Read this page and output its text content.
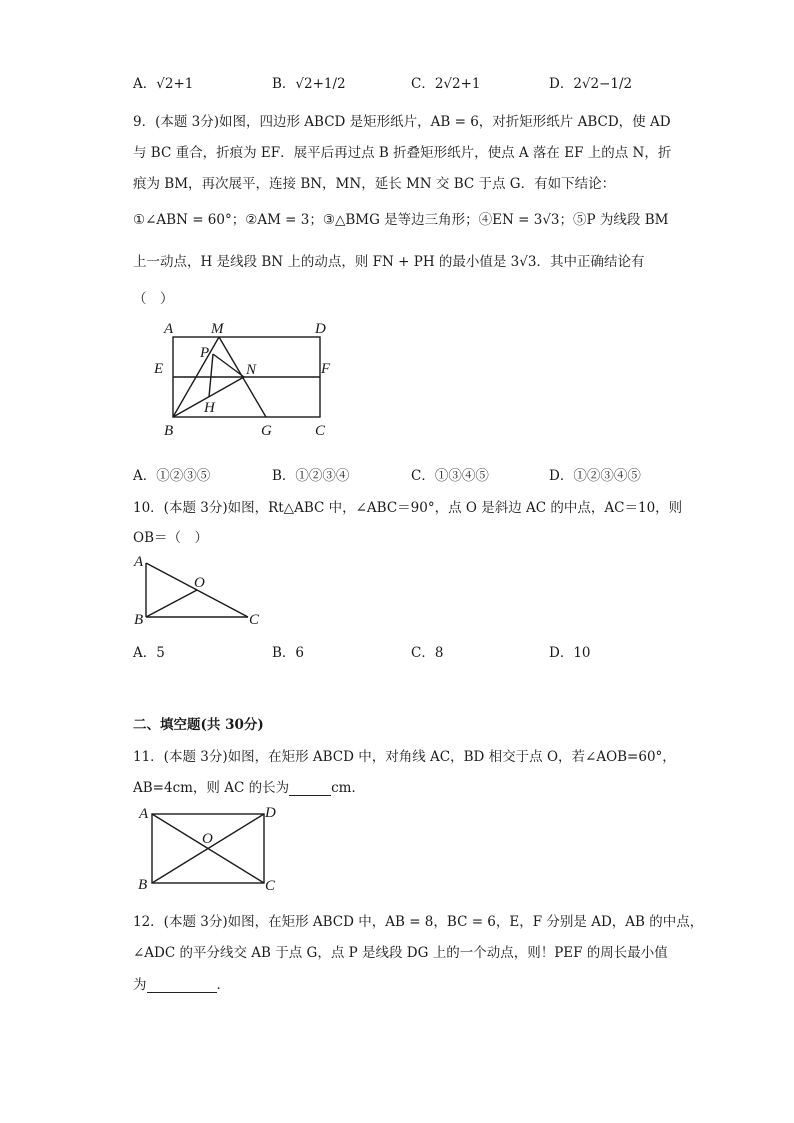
A．√2+1	B．√2+1/2	C．2√2+1	D．2√2−1/2
9．(本题 3分)如图，四边形 ABCD 是矩形纸片，AB = 6，对折矩形纸片 ABCD，使 AD
与 BC 重合，折痕为 EF．展平后再过点 B 折叠矩形纸片，使点 A 落在 EF 上的点 N，折
痕为 BM，再次展平，连接 BN，MN，延长 MN 交 BC 于点 G．有如下结论：
①∠ABN = 60°；②AM = 3；③△BMG 是等边三角形；④EN = 3√3；⑤P 为线段 BM
上一动点，H 是线段 BN 上的动点，则 FN + PH 的最小值是 3√3．其中正确结论有
（　）
A	M	D
P
N
E	F
H
B	G	C
A．①②③⑤	B．①②③④	C．①③④⑤	D．①②③④⑤
10．(本题 3分)如图，Rt△ABC 中，∠ABC＝90°，点 O 是斜边 AC 的中点，AC＝10，则
OB＝（　）
A
O
B	C
A．5	B．6	C．8	D．10
二、填空题(共 30分)
11．(本题 3分)如图，在矩形 ABCD 中，对角线 AC，BD 相交于点 O，若∠AOB=60°，
AB=4cm，则 AC 的长为	cm．
A	D
O
B	C
12．(本题 3分)如图，在矩形 ABCD 中，AB = 8，BC = 6，E，F 分别是 AD，AB 的中点，
∠ADC 的平分线交 AB 于点 G，点 P 是线段 DG 上的一个动点，则！PEF 的周长最小值
为	．
